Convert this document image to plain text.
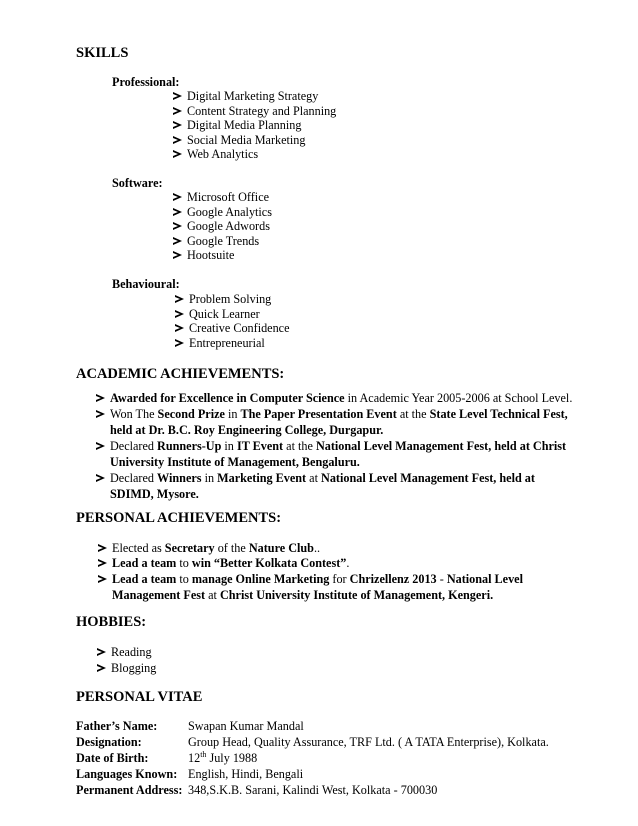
SKILLS
Professional:
Digital Marketing Strategy
Content Strategy and Planning
Digital Media Planning
Social Media Marketing
Web Analytics
Software:
Microsoft Office
Google Analytics
Google Adwords
Google Trends
Hootsuite
Behavioural:
Problem Solving
Quick Learner
Creative Confidence
Entrepreneurial
ACADEMIC ACHIEVEMENTS:
Awarded for Excellence in Computer Science in Academic Year 2005-2006 at School Level.
Won The Second Prize in The Paper Presentation Event at the State Level Technical Fest,
held at Dr. B.C. Roy Engineering College, Durgapur.
Declared Runners-Up in IT Event at the National Level Management Fest, held at Christ
University Institute of Management, Bengaluru.
Declared Winners in Marketing Event at National Level Management Fest, held at
SDIMD, Mysore.
PERSONAL ACHIEVEMENTS:
Elected as Secretary of the Nature Club..
Lead a team to win “Better Kolkata Contest”.
Lead a team to manage Online Marketing for Chrizellenz 2013 - National Level
Management Fest at Christ University Institute of Management, Kengeri.
HOBBIES:
Reading
Blogging
PERSONAL VITAE
Father’s Name:	Swapan Kumar Mandal
Designation:	Group Head, Quality Assurance, TRF Ltd. ( A TATA Enterprise), Kolkata.
Date of Birth:	12th July 1988
Languages Known: English, Hindi, Bengali
Permanent Address: 348,S.K.B. Sarani, Kalindi West, Kolkata - 700030
